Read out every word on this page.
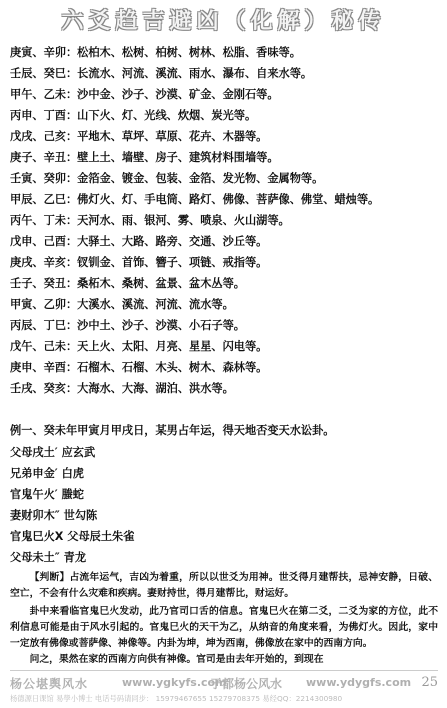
六爻趋吉避凶（化解）秘传
庚寅、辛卯：松柏木、松树、柏树、树林、松脂、香味等。
壬辰、癸巳：长流水、河流、溪流、雨水、瀑布、自来水等。
甲午、乙未：沙中金、沙子、沙漠、矿金、金刚石等。
丙申、丁酉：山下火、灯、光线、炊烟、炭光等。
戊戌、己亥：平地木、草坪、草原、花卉、木器等。
庚子、辛丑：壁上土、墙壁、房子、建筑材料围墙等。
壬寅、癸卯：金箔金、镀金、包装、金箔、发光物、金属物等。
甲辰、乙巳：佛灯火、灯、手电筒、路灯、佛像、菩萨像、佛堂、蜡烛等。
丙午、丁未：天河水、雨、银河、雾、喷泉、火山湖等。
戊申、己酉：大驿土、大路、路旁、交通、沙丘等。
庚戌、辛亥：钗钏金、首饰、簪子、项链、戒指等。
壬子、癸丑：桑柘木、桑树、盆景、盆木丛等。
甲寅、乙卯：大溪水、溪流、河流、流水等。
丙辰、丁巳：沙中土、沙子、沙漠、小石子等。
戊午、己未：天上火、太阳、月亮、星星、闪电等。
庚申、辛酉：石榴木、石榴、木头、树木、森林等。
壬戌、癸亥：大海水、大海、湖泊、洪水等。
例一、癸未年甲寅月甲戌日，某男占年运，得天地否变天水讼卦。
父母戌土′ 应玄武
兄弟申金′ 白虎
官鬼午火′ 螣蛇
妻财卯木″ 世勾陈
官鬼巳火X 父母辰土朱雀
父母未土″ 青龙
【判断】占流年运气，吉凶为着重，所以以世爻为用神。世爻得月建帮扶，忌神安静，日破、空亡，不会有什么灾难和疾病。妻财持世，得月建帮比，财运好。
杨公堪舆风水	www.ygkyfs.com
于都杨公风水 www.ydygfs.com 25
杨德源日课馆 易學小博士 电话号码请同步： 15979467655 15279708375 易经QQ：2214300980
卦中来看临官鬼巳火发动，此乃官司口舌的信息。官鬼巳火在第二爻，二爻为家的方位，此不利信息可能是由于风水引起的。官鬼巳火的天干为乙，从纳音的角度来看，为佛灯火。因此，家中一定放有佛像或菩萨像、神像等。内卦为坤，坤为西南，佛像放在家中的西南方向。
问之，果然在家的西南方向供有神像。官司是由去年开始的，到现在
